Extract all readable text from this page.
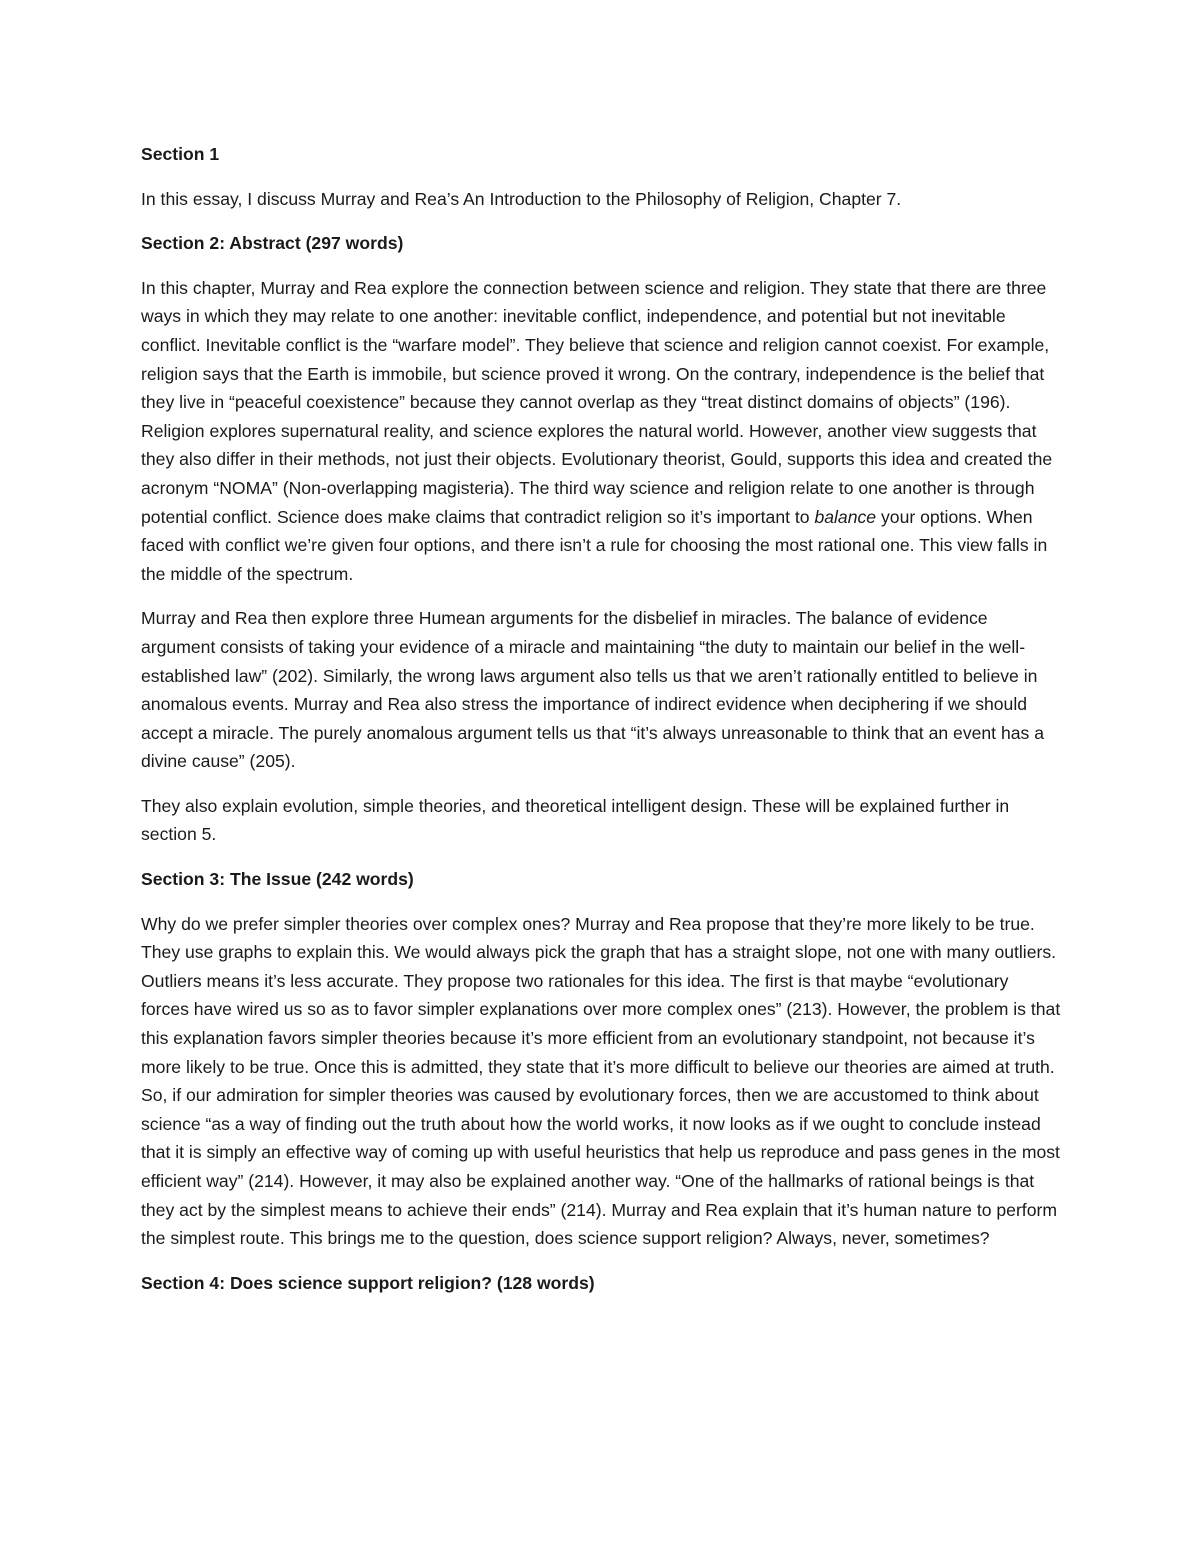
Section 1

In this essay, I discuss Murray and Rea’s An Introduction to the Philosophy of Religion, Chapter 7.

Section 2: Abstract (297 words)

In this chapter, Murray and Rea explore the connection between science and religion. They state that there are three ways in which they may relate to one another: inevitable conflict, independence, and potential but not inevitable conflict. Inevitable conflict is the “warfare model”. They believe that science and religion cannot coexist. For example, religion says that the Earth is immobile, but science proved it wrong. On the contrary, independence is the belief that they live in “peaceful coexistence” because they cannot overlap as they “treat distinct domains of objects” (196). Religion explores supernatural reality, and science explores the natural world. However, another view suggests that they also differ in their methods, not just their objects. Evolutionary theorist, Gould, supports this idea and created the acronym “NOMA” (Non-overlapping magisteria). The third way science and religion relate to one another is through potential conflict. Science does make claims that contradict religion so it’s important to balance your options. When faced with conflict we’re given four options, and there isn’t a rule for choosing the most rational one. This view falls in the middle of the spectrum.

Murray and Rea then explore three Humean arguments for the disbelief in miracles. The balance of evidence argument consists of taking your evidence of a miracle and maintaining “the duty to maintain our belief in the well-established law” (202). Similarly, the wrong laws argument also tells us that we aren’t rationally entitled to believe in anomalous events. Murray and Rea also stress the importance of indirect evidence when deciphering if we should accept a miracle. The purely anomalous argument tells us that “it’s always unreasonable to think that an event has a divine cause” (205).

They also explain evolution, simple theories, and theoretical intelligent design. These will be explained further in section 5.

Section 3: The Issue (242 words)

Why do we prefer simpler theories over complex ones? Murray and Rea propose that they’re more likely to be true. They use graphs to explain this. We would always pick the graph that has a straight slope, not one with many outliers. Outliers means it’s less accurate. They propose two rationales for this idea. The first is that maybe “evolutionary forces have wired us so as to favor simpler explanations over more complex ones” (213). However, the problem is that this explanation favors simpler theories because it’s more efficient from an evolutionary standpoint, not because it’s more likely to be true. Once this is admitted, they state that it’s more difficult to believe our theories are aimed at truth. So, if our admiration for simpler theories was caused by evolutionary forces, then we are accustomed to think about science “as a way of finding out the truth about how the world works, it now looks as if we ought to conclude instead that it is simply an effective way of coming up with useful heuristics that help us reproduce and pass genes in the most efficient way” (214). However, it may also be explained another way. “One of the hallmarks of rational beings is that they act by the simplest means to achieve their ends” (214). Murray and Rea explain that it’s human nature to perform the simplest route. This brings me to the question, does science support religion? Always, never, sometimes?

Section 4: Does science support religion? (128 words)
